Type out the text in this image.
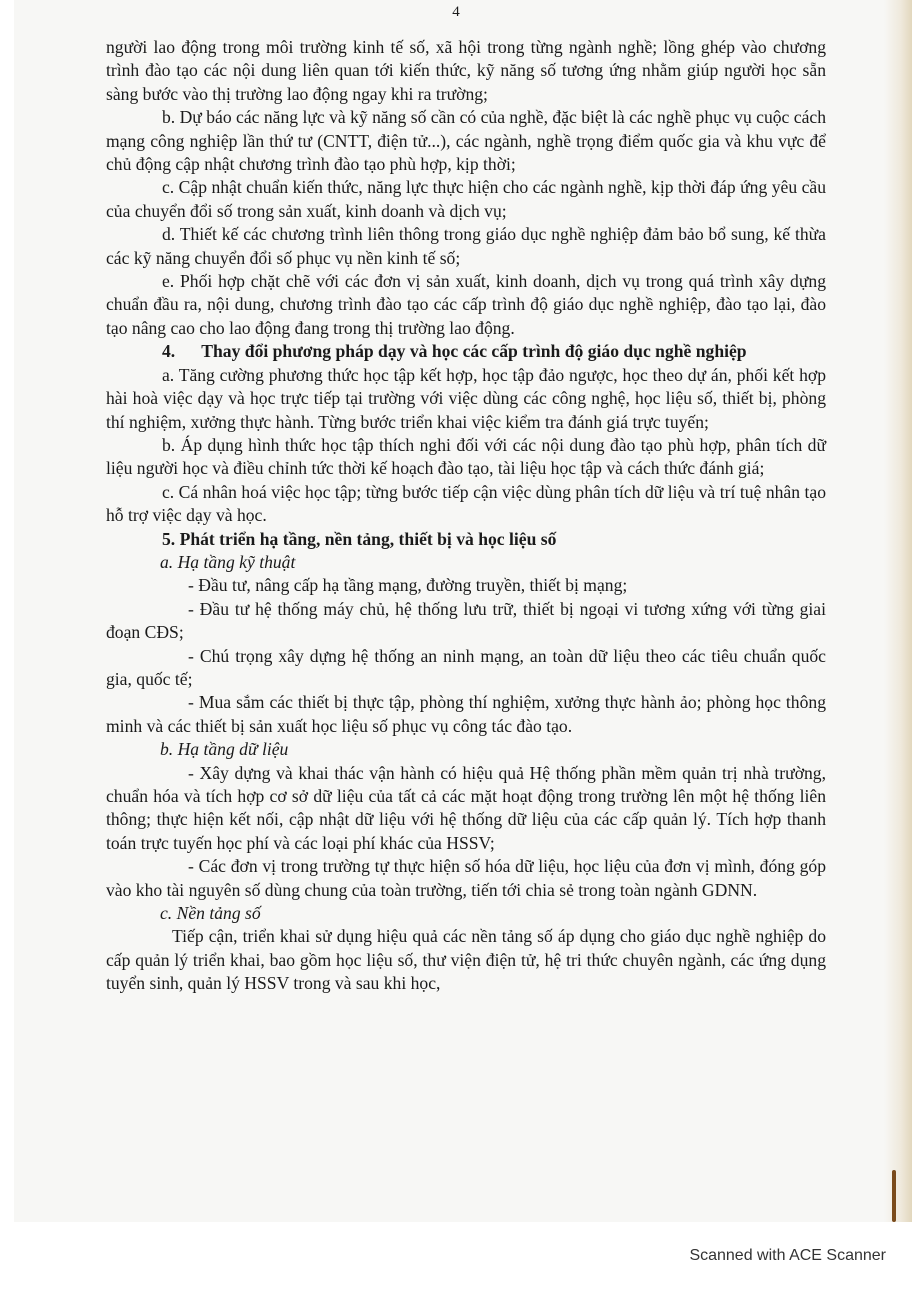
4

người lao động trong môi trường kinh tế số, xã hội trong từng ngành nghề; lồng ghép vào chương trình đào tạo các nội dung liên quan tới kiến thức, kỹ năng số tương ứng nhằm giúp người học sẵn sàng bước vào thị trường lao động ngay khi ra trường;

b. Dự báo các năng lực và kỹ năng số cần có của nghề, đặc biệt là các nghề phục vụ cuộc cách mạng công nghiệp lần thứ tư (CNTT, điện tử...), các ngành, nghề trọng điểm quốc gia và khu vực để chủ động cập nhật chương trình đào tạo phù hợp, kịp thời;

c. Cập nhật chuẩn kiến thức, năng lực thực hiện cho các ngành nghề, kịp thời đáp ứng yêu cầu của chuyển đổi số trong sản xuất, kinh doanh và dịch vụ;

d. Thiết kế các chương trình liên thông trong giáo dục nghề nghiệp đảm bảo bổ sung, kế thừa các kỹ năng chuyển đổi số phục vụ nền kinh tế số;

e. Phối hợp chặt chẽ với các đơn vị sản xuất, kinh doanh, dịch vụ trong quá trình xây dựng chuẩn đầu ra, nội dung, chương trình đào tạo các cấp trình độ giáo dục nghề nghiệp, đào tạo lại, đào tạo nâng cao cho lao động đang trong thị trường lao động.

4.      Thay đổi phương pháp dạy và học các cấp trình độ giáo dục nghề nghiệp

a. Tăng cường phương thức học tập kết hợp, học tập đảo ngược, học theo dự án, phối kết hợp hài hoà việc dạy và học trực tiếp tại trường với việc dùng các công nghệ, học liệu số, thiết bị, phòng thí nghiệm, xưởng thực hành. Từng bước triển khai việc kiểm tra đánh giá trực tuyến;

b. Áp dụng hình thức học tập thích nghi đối với các nội dung đào tạo phù hợp, phân tích dữ liệu người học và điều chỉnh tức thời kế hoạch đào tạo, tài liệu học tập và cách thức đánh giá;

c. Cá nhân hoá việc học tập; từng bước tiếp cận việc dùng phân tích dữ liệu và trí tuệ nhân tạo hỗ trợ việc dạy và học.

5. Phát triển hạ tầng, nền tảng, thiết bị và học liệu số

a. Hạ tầng kỹ thuật

- Đầu tư, nâng cấp hạ tầng mạng, đường truyền, thiết bị mạng;

- Đầu tư hệ thống máy chủ, hệ thống lưu trữ, thiết bị ngoại vi tương xứng với từng giai đoạn CĐS;

- Chú trọng xây dựng hệ thống an ninh mạng, an toàn dữ liệu theo các tiêu chuẩn quốc gia, quốc tế;

- Mua sắm các thiết bị thực tập, phòng thí nghiệm, xưởng thực hành ảo; phòng học thông minh và các thiết bị sản xuất học liệu số phục vụ công tác đào tạo.

b. Hạ tầng dữ liệu

- Xây dựng và khai thác vận hành có hiệu quả Hệ thống phần mềm quản trị nhà trường, chuẩn hóa và tích hợp cơ sở dữ liệu của tất cả các mặt hoạt động trong trường lên một hệ thống liên thông; thực hiện kết nối, cập nhật dữ liệu với hệ thống dữ liệu của các cấp quản lý. Tích hợp thanh toán trực tuyến học phí và các loại phí khác của HSSV;

- Các đơn vị trong trường tự thực hiện số hóa dữ liệu, học liệu của đơn vị mình, đóng góp vào kho tài nguyên số dùng chung của toàn trường, tiến tới chia sẻ trong toàn ngành GDNN.

c. Nền tảng số

Tiếp cận, triển khai sử dụng hiệu quả các nền tảng số áp dụng cho giáo dục nghề nghiệp do cấp quản lý triển khai, bao gồm học liệu số, thư viện điện tử, hệ tri thức chuyên ngành, các ứng dụng tuyển sinh, quản lý HSSV trong và sau khi học,

Scanned with ACE Scanner
